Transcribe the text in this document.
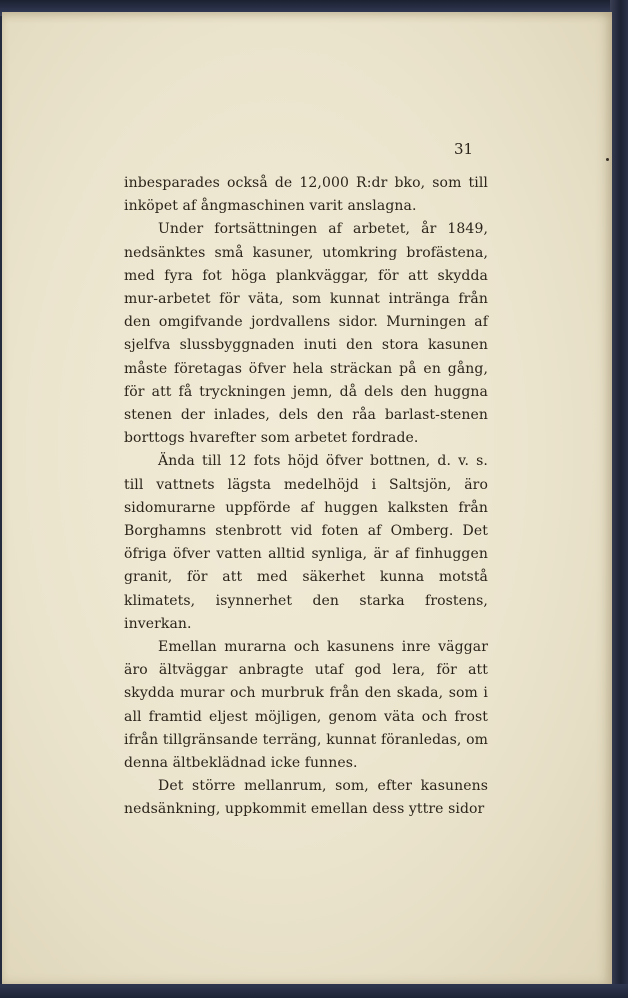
31

inbesparades också de 12,000 R:dr bko, som till inköpet af ångmaschinen varit anslagna.

Under fortsättningen af arbetet, år 1849, nedsänktes små kasuner, utomkring brofästena, med fyra fot höga plankväggar, för att skydda mur-arbetet för väta, som kunnat intränga från den omgifvande jordvallens sidor. Murningen af sjelfva slussbyggnaden inuti den stora kasunen måste företagas öfver hela sträckan på en gång, för att få tryckningen jemn, då dels den huggna stenen der inlades, dels den råa barlast-stenen borttogs hvarefter som arbetet fordrade.

Ända till 12 fots höjd öfver bottnen, d. v. s. till vattnets lägsta medelhöjd i Saltsjön, äro sidomurarne uppförde af huggen kalksten från Borghamns stenbrott vid foten af Omberg. Det öfriga öfver vatten alltid synliga, är af finhuggen granit, för att med säkerhet kunna motstå klimatets, isynnerhet den starka frostens, inverkan.

Emellan murarna och kasunens inre väggar äro ältväggar anbragte utaf god lera, för att skydda murar och murbruk från den skada, som i all framtid eljest möjligen, genom väta och frost ifrån tillgränsande terräng, kunnat föranledas, om denna ältbeklädnad icke funnes.

Det större mellanrum, som, efter kasunens nedsänkning, uppkommit emellan dess yttre sidor
